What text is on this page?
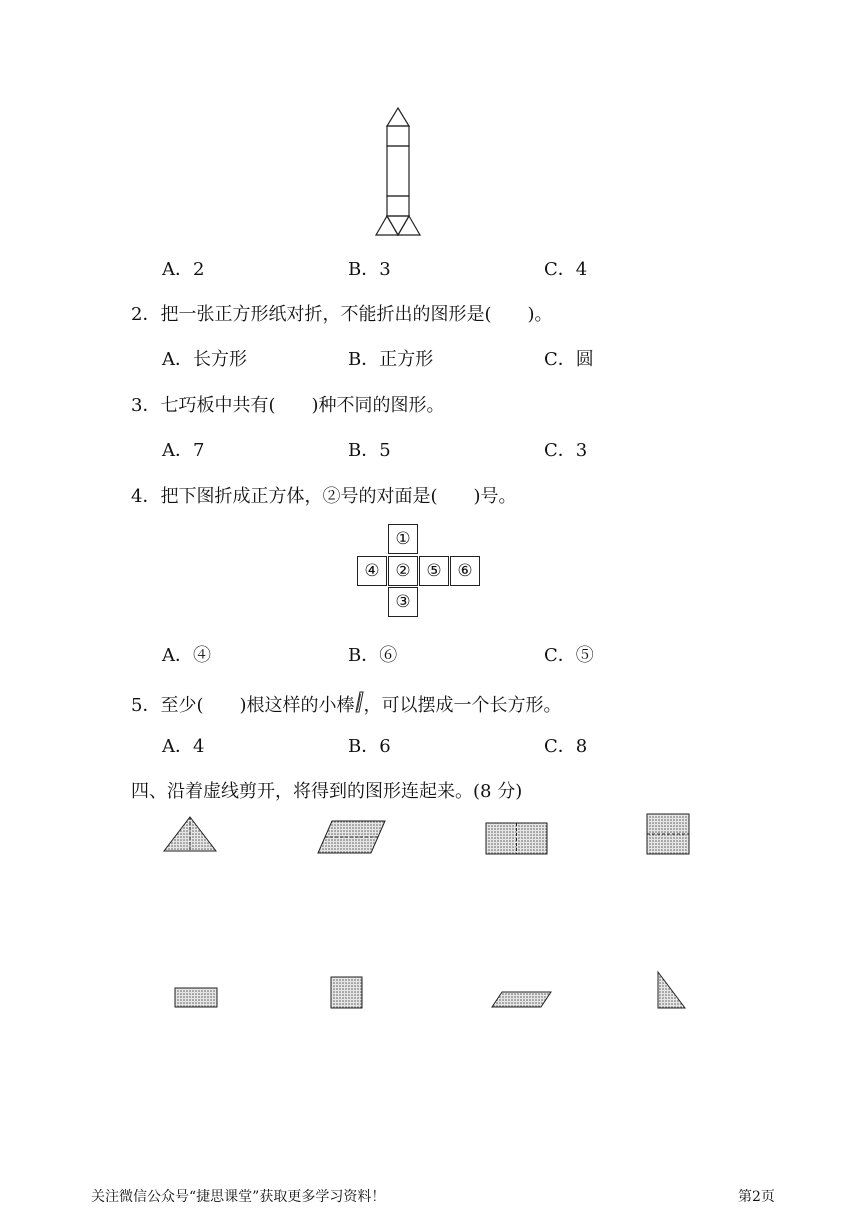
A．2	B．3	C．4
2．把一张正方形纸对折，不能折出的图形是(　　)。
A．长方形	B．正方形	C．圆
3．七巧板中共有(　　)种不同的图形。
A．7	B．5	C．3
4．把下图折成正方体，②号的对面是(　　)号。
①
④ ② ⑤ ⑥
③
A．④	B．⑥	C．⑤
5．至少(　　)根这样的小棒 ，可以摆成一个长方形。
A．4	B．6	C．8
四、沿着虚线剪开，将得到的图形连起来。(8 分)
关注微信公众号“捷思课堂”获取更多学习资料！	第2页
